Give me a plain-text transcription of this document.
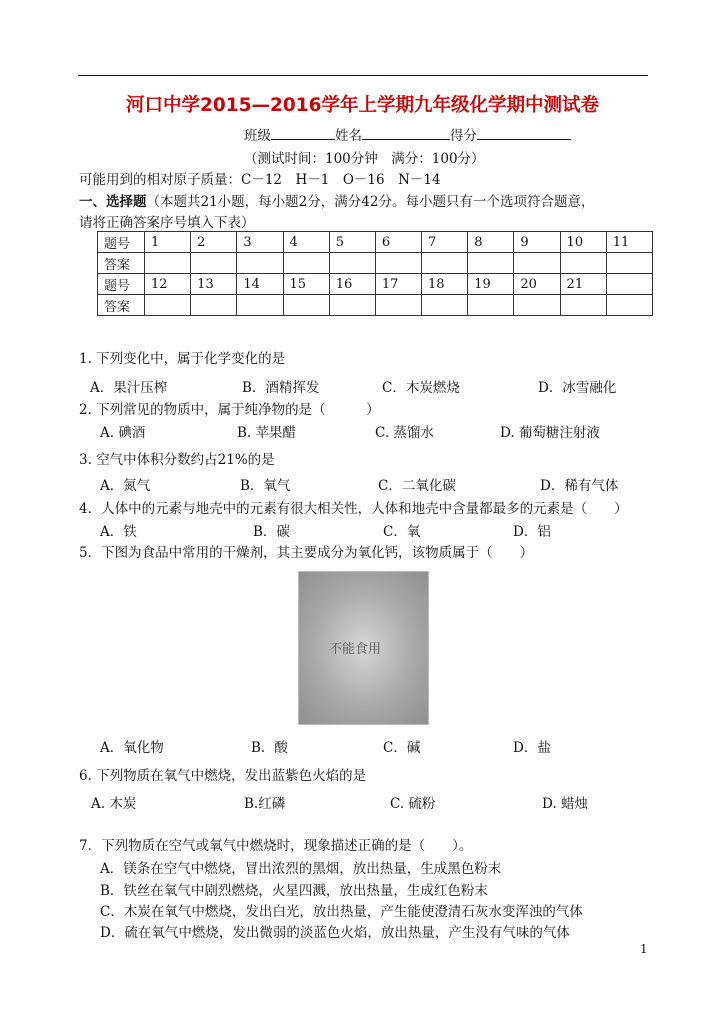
河口中学2015—2016学年上学期九年级化学期中测试卷
班级	姓名	得分
（测试时间：100分钟　满分：100分）
可能用到的相对原子质量：C－12　H－1　O－16　N－14
一、选择题（本题共21小题，每小题2分，满分42分。每小题只有一个选项符合题意，
请将正确答案序号填入下表）
题号	1	2	3	4	5	6	7	8	9	10	11
答案											
题号	12	13	14	15	16	17	18	19	20	21	
答案											
1. 下列变化中，属于化学变化的是
A．果汁压榨	B．酒精挥发	C．木炭燃烧	D．冰雪融化
2. 下列常见的物质中，属于纯净物的是（　　　）
A. 碘酒	B. 苹果醋	C. 蒸馏水	D. 葡萄糖注射液
3. 空气中体积分数约占21%的是
A．氮气	B．氧气	C．二氧化碳	D．稀有气体
4．人体中的元素与地壳中的元素有很大相关性，人体和地壳中含量都最多的元素是（　　）
A．铁	B．碳	C．氧	D．铝
5．下图为食品中常用的干燥剂，其主要成分为氧化钙，该物质属于（　　）
不能食用
A．氧化物	B．酸	C．碱	D．盐
6. 下列物质在氧气中燃烧，发出蓝紫色火焰的是
A. 木炭	B.红磷	C. 硫粉	D. 蜡烛
7．下列物质在空气或氧气中燃烧时，现象描述正确的是（　　）。
A．镁条在空气中燃烧，冒出浓烈的黑烟，放出热量，生成黑色粉末
B．铁丝在氧气中剧烈燃烧，火星四溅，放出热量，生成红色粉末
C．木炭在氧气中燃烧，发出白光，放出热量，产生能使澄清石灰水变浑浊的气体
D．硫在氧气中燃烧，发出微弱的淡蓝色火焰，放出热量，产生没有气味的气体
1
